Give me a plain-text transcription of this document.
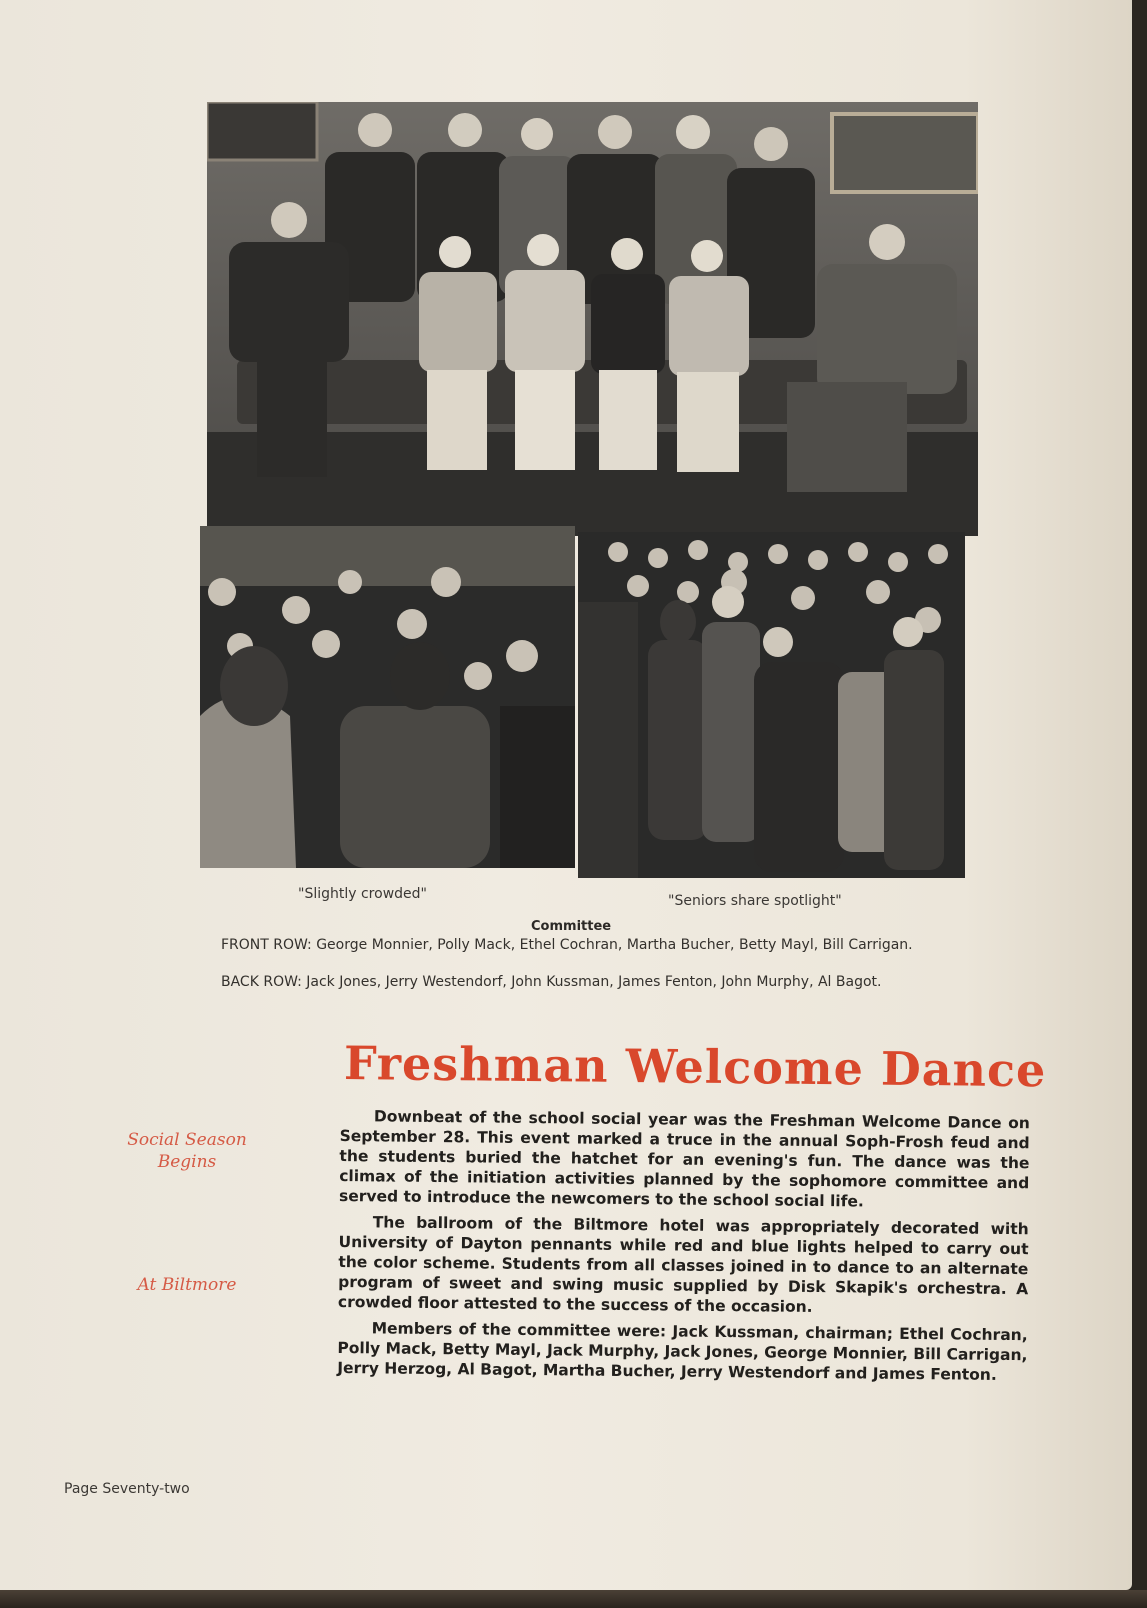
"Slightly crowded"	"Seniors share spotlight"
Committee
FRONT ROW: George Monnier, Polly Mack, Ethel Cochran, Martha Bucher, Betty Mayl, Bill Carrigan.
BACK ROW: Jack Jones, Jerry Westendorf, John Kussman, James Fenton, John Murphy, Al Bagot.
Freshman Welcome Dance
Social Season Begins
At Biltmore

Downbeat of the school social year was the Freshman Welcome Dance on September 28. This event marked a truce in the annual Soph-Frosh feud and the students buried the hatchet for an evening's fun. The dance was the climax of the initiation activities planned by the sophomore committee and served to introduce the newcomers to the school social life.

The ballroom of the Biltmore hotel was appropriately decorated with University of Dayton pennants while red and blue lights helped to carry out the color scheme. Students from all classes joined in to dance to an alternate program of sweet and swing music supplied by Disk Skapik's orchestra. A crowded floor attested to the success of the occasion.

Members of the committee were: Jack Kussman, chairman; Ethel Cochran, Polly Mack, Betty Mayl, Jack Murphy, Jack Jones, George Monnier, Bill Carrigan, Jerry Herzog, Al Bagot, Martha Bucher, Jerry Westendorf and James Fenton.

Page Seventy-two
